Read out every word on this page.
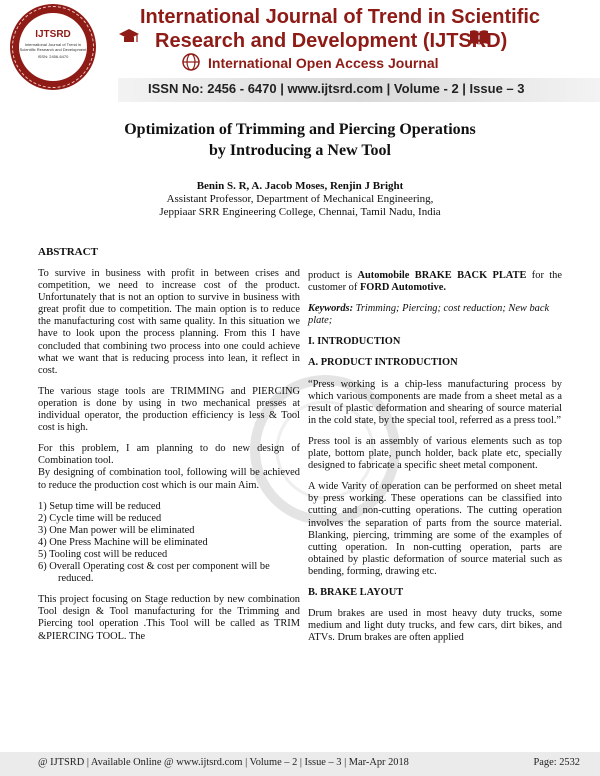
IJTSRD
International Journal of Trend in Scientific Research and Development
ISSN: 2456-6470
International Journal of Trend in Scientific
Research and Development (IJTSRD)
International Open Access Journal
ISSN No: 2456 - 6470 | www.ijtsrd.com | Volume - 2 | Issue – 3
Optimization of Trimming and Piercing Operations
by Introducing a New Tool
Benin S. R, A. Jacob Moses, Renjin J Bright
Assistant Professor, Department of Mechanical Engineering,
Jeppiaar SRR Engineering College, Chennai, Tamil Nadu, India
ABSTRACT

To survive in business with profit in between crises and competition, we need to increase cost of the product. Unfortunately that is not an option to survive in business with great profit due to competition. The main option is to reduce the manufacturing cost with same quality. In this situation we have to look upon the process planning. From this I have concluded that combining two process into one could achieve what we want that is reducing process into lean, it reflect in cost.

The various stage tools are TRIMMING and PIERCING operation is done by using in two mechanical presses at individual operator, the production efficiency is less & Tool cost is high.

For this problem, I am planning to do new design of Combination tool.

By designing of combination tool, following will be achieved to reduce the production cost which is our main Aim.

1) Setup time will be reduced
2) Cycle time will be reduced
3) One Man power will be eliminated
4) One Press Machine will be eliminated
5) Tooling cost will be reduced
6) Overall Operating cost & cost per component will be reduced.

This project focusing on Stage reduction by new combination Tool design & Tool manufacturing for the Trimming and Piercing tool operation .This Tool will be called as TRIM &PIERCING TOOL. The

product is Automobile BRAKE BACK PLATE for the customer of FORD Automotive.

Keywords: Trimming; Piercing; cost reduction; New back plate;

I. INTRODUCTION
A. PRODUCT INTRODUCTION

“Press working is a chip-less manufacturing process by which various components are made from a sheet metal as a result of plastic deformation and shearing of source material in the cold state, by the special tool, referred as a press tool.”

Press tool is an assembly of various elements such as top plate, bottom plate, punch holder, back plate etc, specially designed to fabricate a specific sheet metal component.

A wide Varity of operation can be performed on sheet metal by press working. These operations can be classified into cutting and non-cutting operations. The cutting operation involves the separation of parts from the source material. Blanking, piercing, trimming are some of the examples of cutting operation. In non-cutting operation, parts are obtained by plastic deformation of source material such as bending, forming, drawing etc.

B. BRAKE LAYOUT

Drum brakes are used in most heavy duty trucks, some medium and light duty trucks, and few cars, dirt bikes, and ATVs. Drum brakes are often applied

@ IJTSRD | Available Online @ www.ijtsrd.com | Volume – 2 | Issue – 3 | Mar-Apr 2018	Page: 2532
